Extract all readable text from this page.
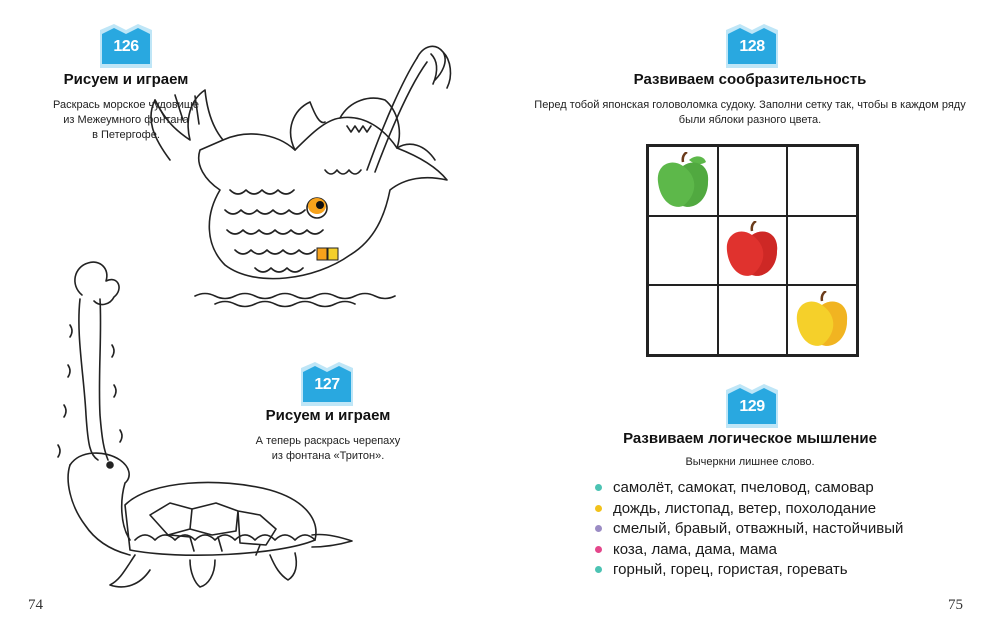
126
Рисуем и играем
Раскрась морское чудовище
из Межеумного фонтана
в Петергофе.
127
Рисуем и играем
А теперь раскрась черепаху
из фонтана «Тритон».
74
128
Развиваем сообразительность
Перед тобой японская головоломка судоку. Заполни сетку так, чтобы в каждом ряду
были яблоки разного цвета.
129
Развиваем логическое мышление
Вычеркни лишнее слово.
самолёт, самокат, пчеловод, самовар
дождь, листопад, ветер, похолодание
смелый, бравый, отважный, настойчивый
коза, лама, дама, мама
горный, горец, гористая, горевать
75
